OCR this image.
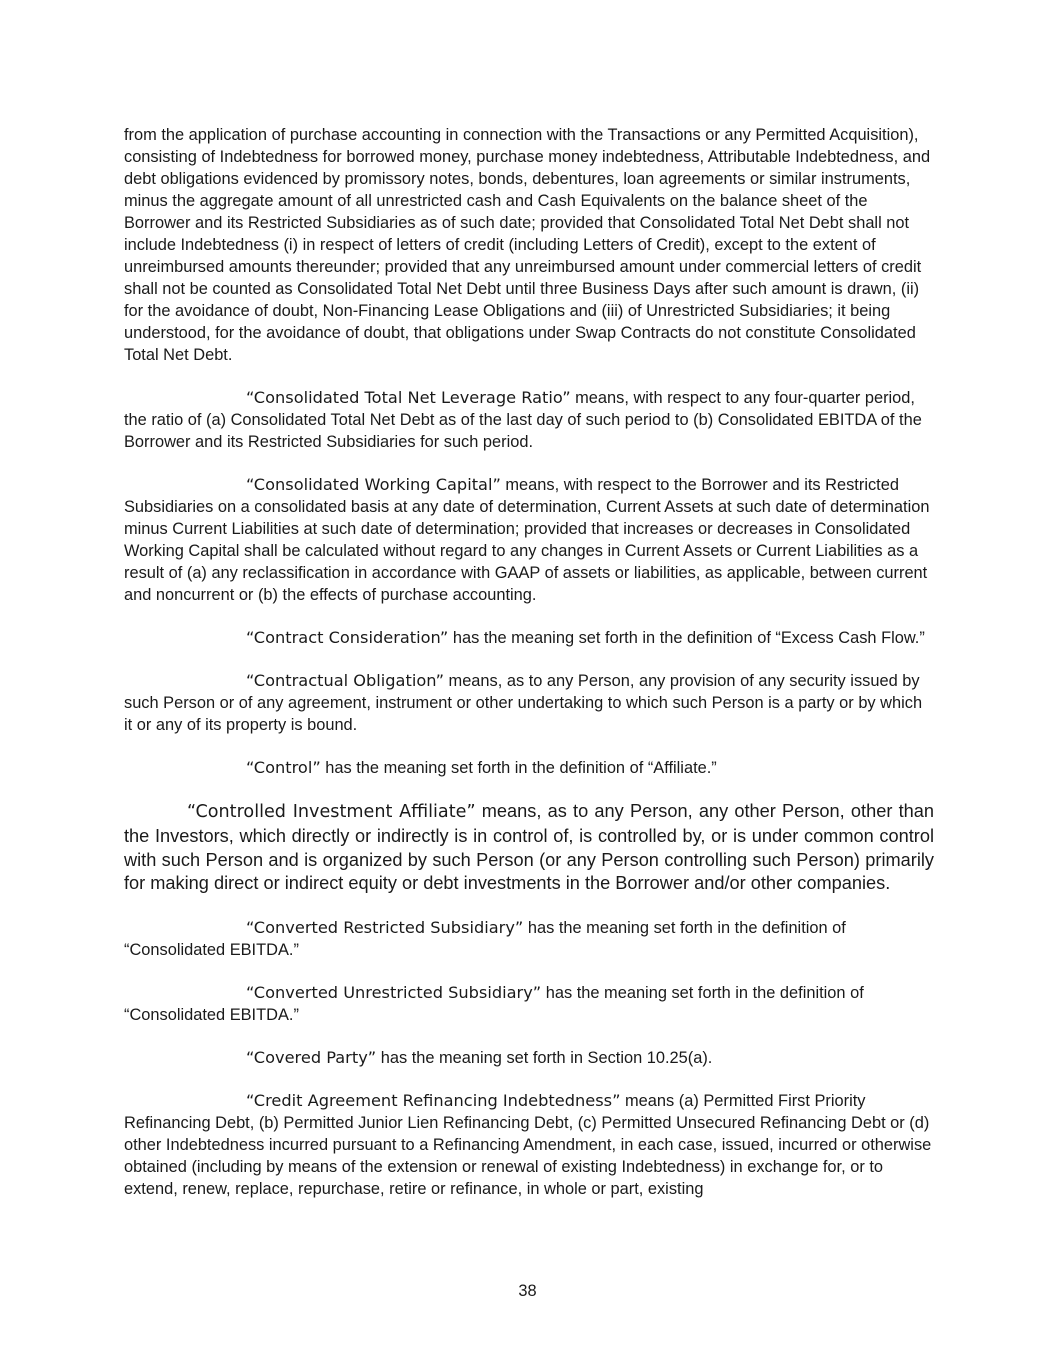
from the application of purchase accounting in connection with the Transactions or any Permitted Acquisition), consisting of Indebtedness for borrowed money, purchase money indebtedness, Attributable Indebtedness, and debt obligations evidenced by promissory notes, bonds, debentures, loan agreements or similar instruments, minus the aggregate amount of all unrestricted cash and Cash Equivalents on the balance sheet of the Borrower and its Restricted Subsidiaries as of such date; provided that Consolidated Total Net Debt shall not include Indebtedness (i) in respect of letters of credit (including Letters of Credit), except to the extent of unreimbursed amounts thereunder; provided that any unreimbursed amount under commercial letters of credit shall not be counted as Consolidated Total Net Debt until three Business Days after such amount is drawn, (ii) for the avoidance of doubt, Non-Financing Lease Obligations and (iii) of Unrestricted Subsidiaries; it being understood, for the avoidance of doubt, that obligations under Swap Contracts do not constitute Consolidated Total Net Debt.

“Consolidated Total Net Leverage Ratio” means, with respect to any four-quarter period, the ratio of (a) Consolidated Total Net Debt as of the last day of such period to (b) Consolidated EBITDA of the Borrower and its Restricted Subsidiaries for such period.

“Consolidated Working Capital” means, with respect to the Borrower and its Restricted Subsidiaries on a consolidated basis at any date of determination, Current Assets at such date of determination minus Current Liabilities at such date of determination; provided that increases or decreases in Consolidated Working Capital shall be calculated without regard to any changes in Current Assets or Current Liabilities as a result of (a) any reclassification in accordance with GAAP of assets or liabilities, as applicable, between current and noncurrent or (b) the effects of purchase accounting.

“Contract Consideration” has the meaning set forth in the definition of “Excess Cash Flow.”

“Contractual Obligation” means, as to any Person, any provision of any security issued by such Person or of any agreement, instrument or other undertaking to which such Person is a party or by which it or any of its property is bound.

“Control” has the meaning set forth in the definition of “Affiliate.”

“Controlled Investment Affiliate” means, as to any Person, any other Person, other than the Investors, which directly or indirectly is in control of, is controlled by, or is under common control with such Person and is organized by such Person (or any Person controlling such Person) primarily for making direct or indirect equity or debt investments in the Borrower and/or other companies.

“Converted Restricted Subsidiary” has the meaning set forth in the definition of “Consolidated EBITDA.”

“Converted Unrestricted Subsidiary” has the meaning set forth in the definition of “Consolidated EBITDA.”

“Covered Party” has the meaning set forth in Section 10.25(a).

“Credit Agreement Refinancing Indebtedness” means (a) Permitted First Priority Refinancing Debt, (b) Permitted Junior Lien Refinancing Debt, (c) Permitted Unsecured Refinancing Debt or (d) other Indebtedness incurred pursuant to a Refinancing Amendment, in each case, issued, incurred or otherwise obtained (including by means of the extension or renewal of existing Indebtedness) in exchange for, or to extend, renew, replace, repurchase, retire or refinance, in whole or part, existing

38
